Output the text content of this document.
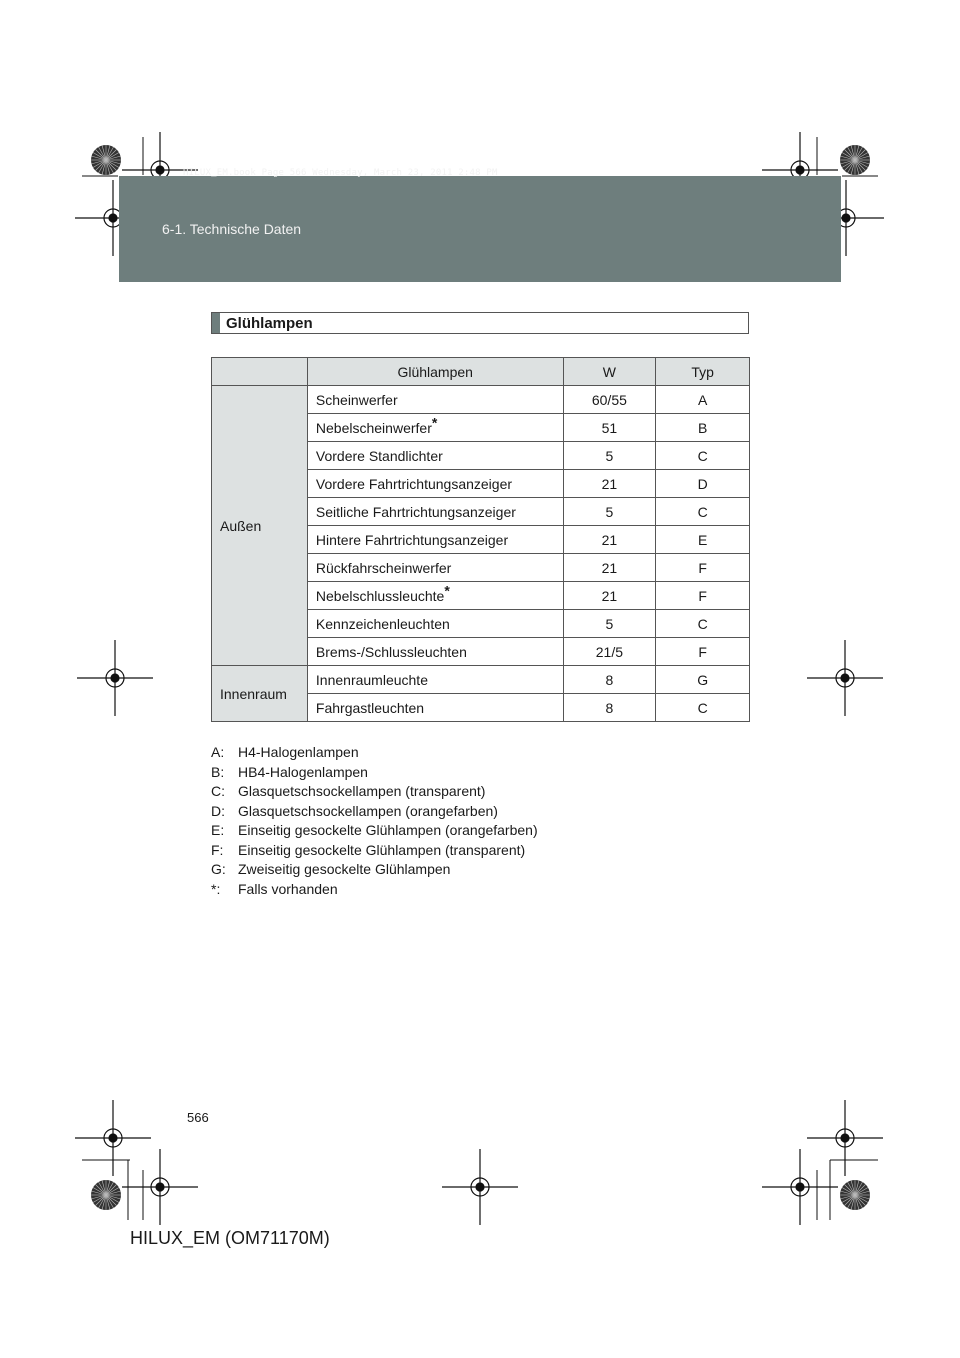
HILUX_EM.book Page 566 Wednesday, March 23, 2011 2:48 PM
6-1. Technische Daten
Glühlampen
	Glühlampen	W	Typ
Außen	Scheinwerfer	60/55	A
	Nebelscheinwerfer*	51	B
	Vordere Standlichter	5	C
	Vordere Fahrtrichtungsanzeiger	21	D
	Seitliche Fahrtrichtungsanzeiger	5	C
	Hintere Fahrtrichtungsanzeiger	21	E
	Rückfahrscheinwerfer	21	F
	Nebelschlussleuchte*	21	F
	Kennzeichenleuchten	5	C
	Brems-/Schlussleuchten	21/5	F
Innenraum	Innenraumleuchte	8	G
	Fahrgastleuchten	8	C
A: H4-Halogenlampen
B: HB4-Halogenlampen
C: Glasquetschsockellampen (transparent)
D: Glasquetschsockellampen (orangefarben)
E: Einseitig gesockelte Glühlampen (orangefarben)
F:	Einseitig gesockelte Glühlampen (transparent)
G: Zweiseitig gesockelte Glühlampen
*:	Falls vorhanden
566
HILUX_EM (OM71170M)
